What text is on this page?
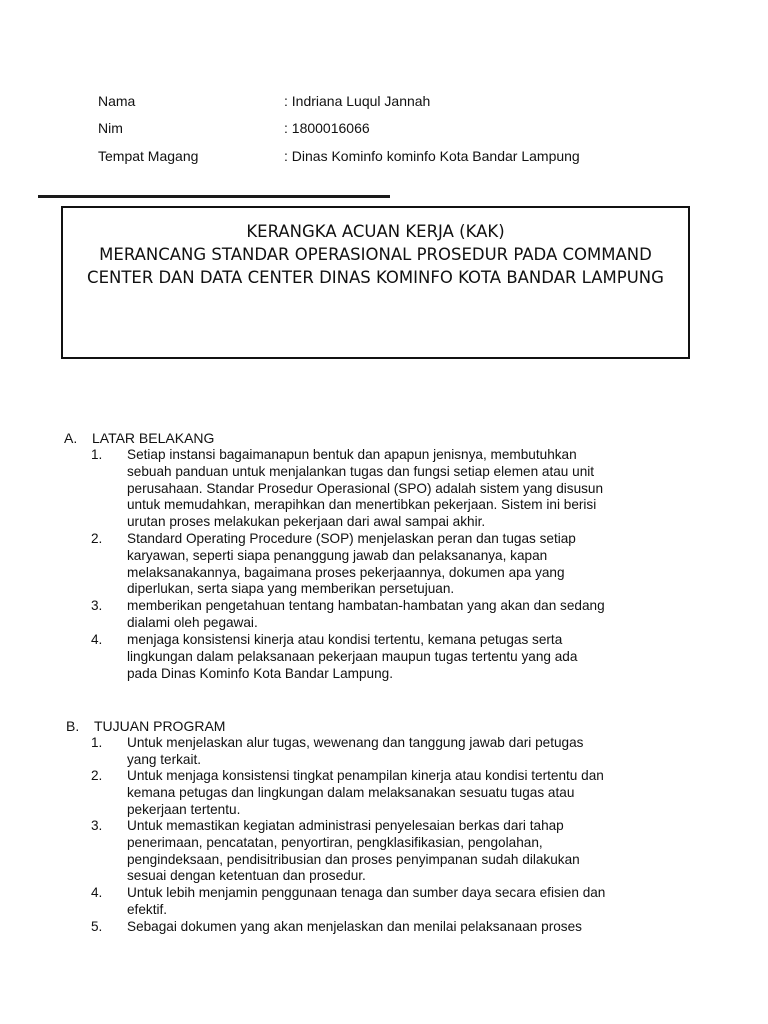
Nama	: Indriana Luqul Jannah
Nim	: 1800016066
Tempat Magang	: Dinas Kominfo kominfo Kota Bandar Lampung
KERANGKA ACUAN KERJA (KAK)
MERANCANG STANDAR OPERASIONAL PROSEDUR PADA COMMAND
CENTER DAN DATA CENTER DINAS KOMINFO KOTA BANDAR LAMPUNG
A. LATAR BELAKANG
1. Setiap instansi bagaimanapun bentuk dan apapun jenisnya, membutuhkan
sebuah panduan untuk menjalankan tugas dan fungsi setiap elemen atau unit
perusahaan. Standar Prosedur Operasional (SPO) adalah sistem yang disusun
untuk memudahkan, merapihkan dan menertibkan pekerjaan. Sistem ini berisi
urutan proses melakukan pekerjaan dari awal sampai akhir.
2. Standard Operating Procedure (SOP) menjelaskan peran dan tugas setiap
karyawan, seperti siapa penanggung jawab dan pelaksananya, kapan
melaksanakannya, bagaimana proses pekerjaannya, dokumen apa yang
diperlukan, serta siapa yang memberikan persetujuan.
3. memberikan pengetahuan tentang hambatan-hambatan yang akan dan sedang
dialami oleh pegawai.
4. menjaga konsistensi kinerja atau kondisi tertentu, kemana petugas serta
lingkungan dalam pelaksanaan pekerjaan maupun tugas tertentu yang ada
pada Dinas Kominfo Kota Bandar Lampung.
B. TUJUAN PROGRAM
1. Untuk menjelaskan alur tugas, wewenang dan tanggung jawab dari petugas
yang terkait.
2. Untuk menjaga konsistensi tingkat penampilan kinerja atau kondisi tertentu dan
kemana petugas dan lingkungan dalam melaksanakan sesuatu tugas atau
pekerjaan tertentu.
3. Untuk memastikan kegiatan administrasi penyelesaian berkas dari tahap
penerimaan, pencatatan, penyortiran, pengklasifikasian, pengolahan,
pengindeksaan, pendisitribusian dan proses penyimpanan sudah dilakukan
sesuai dengan ketentuan dan prosedur.
4. Untuk lebih menjamin penggunaan tenaga dan sumber daya secara efisien dan
efektif.
5. Sebagai dokumen yang akan menjelaskan dan menilai pelaksanaan proses
